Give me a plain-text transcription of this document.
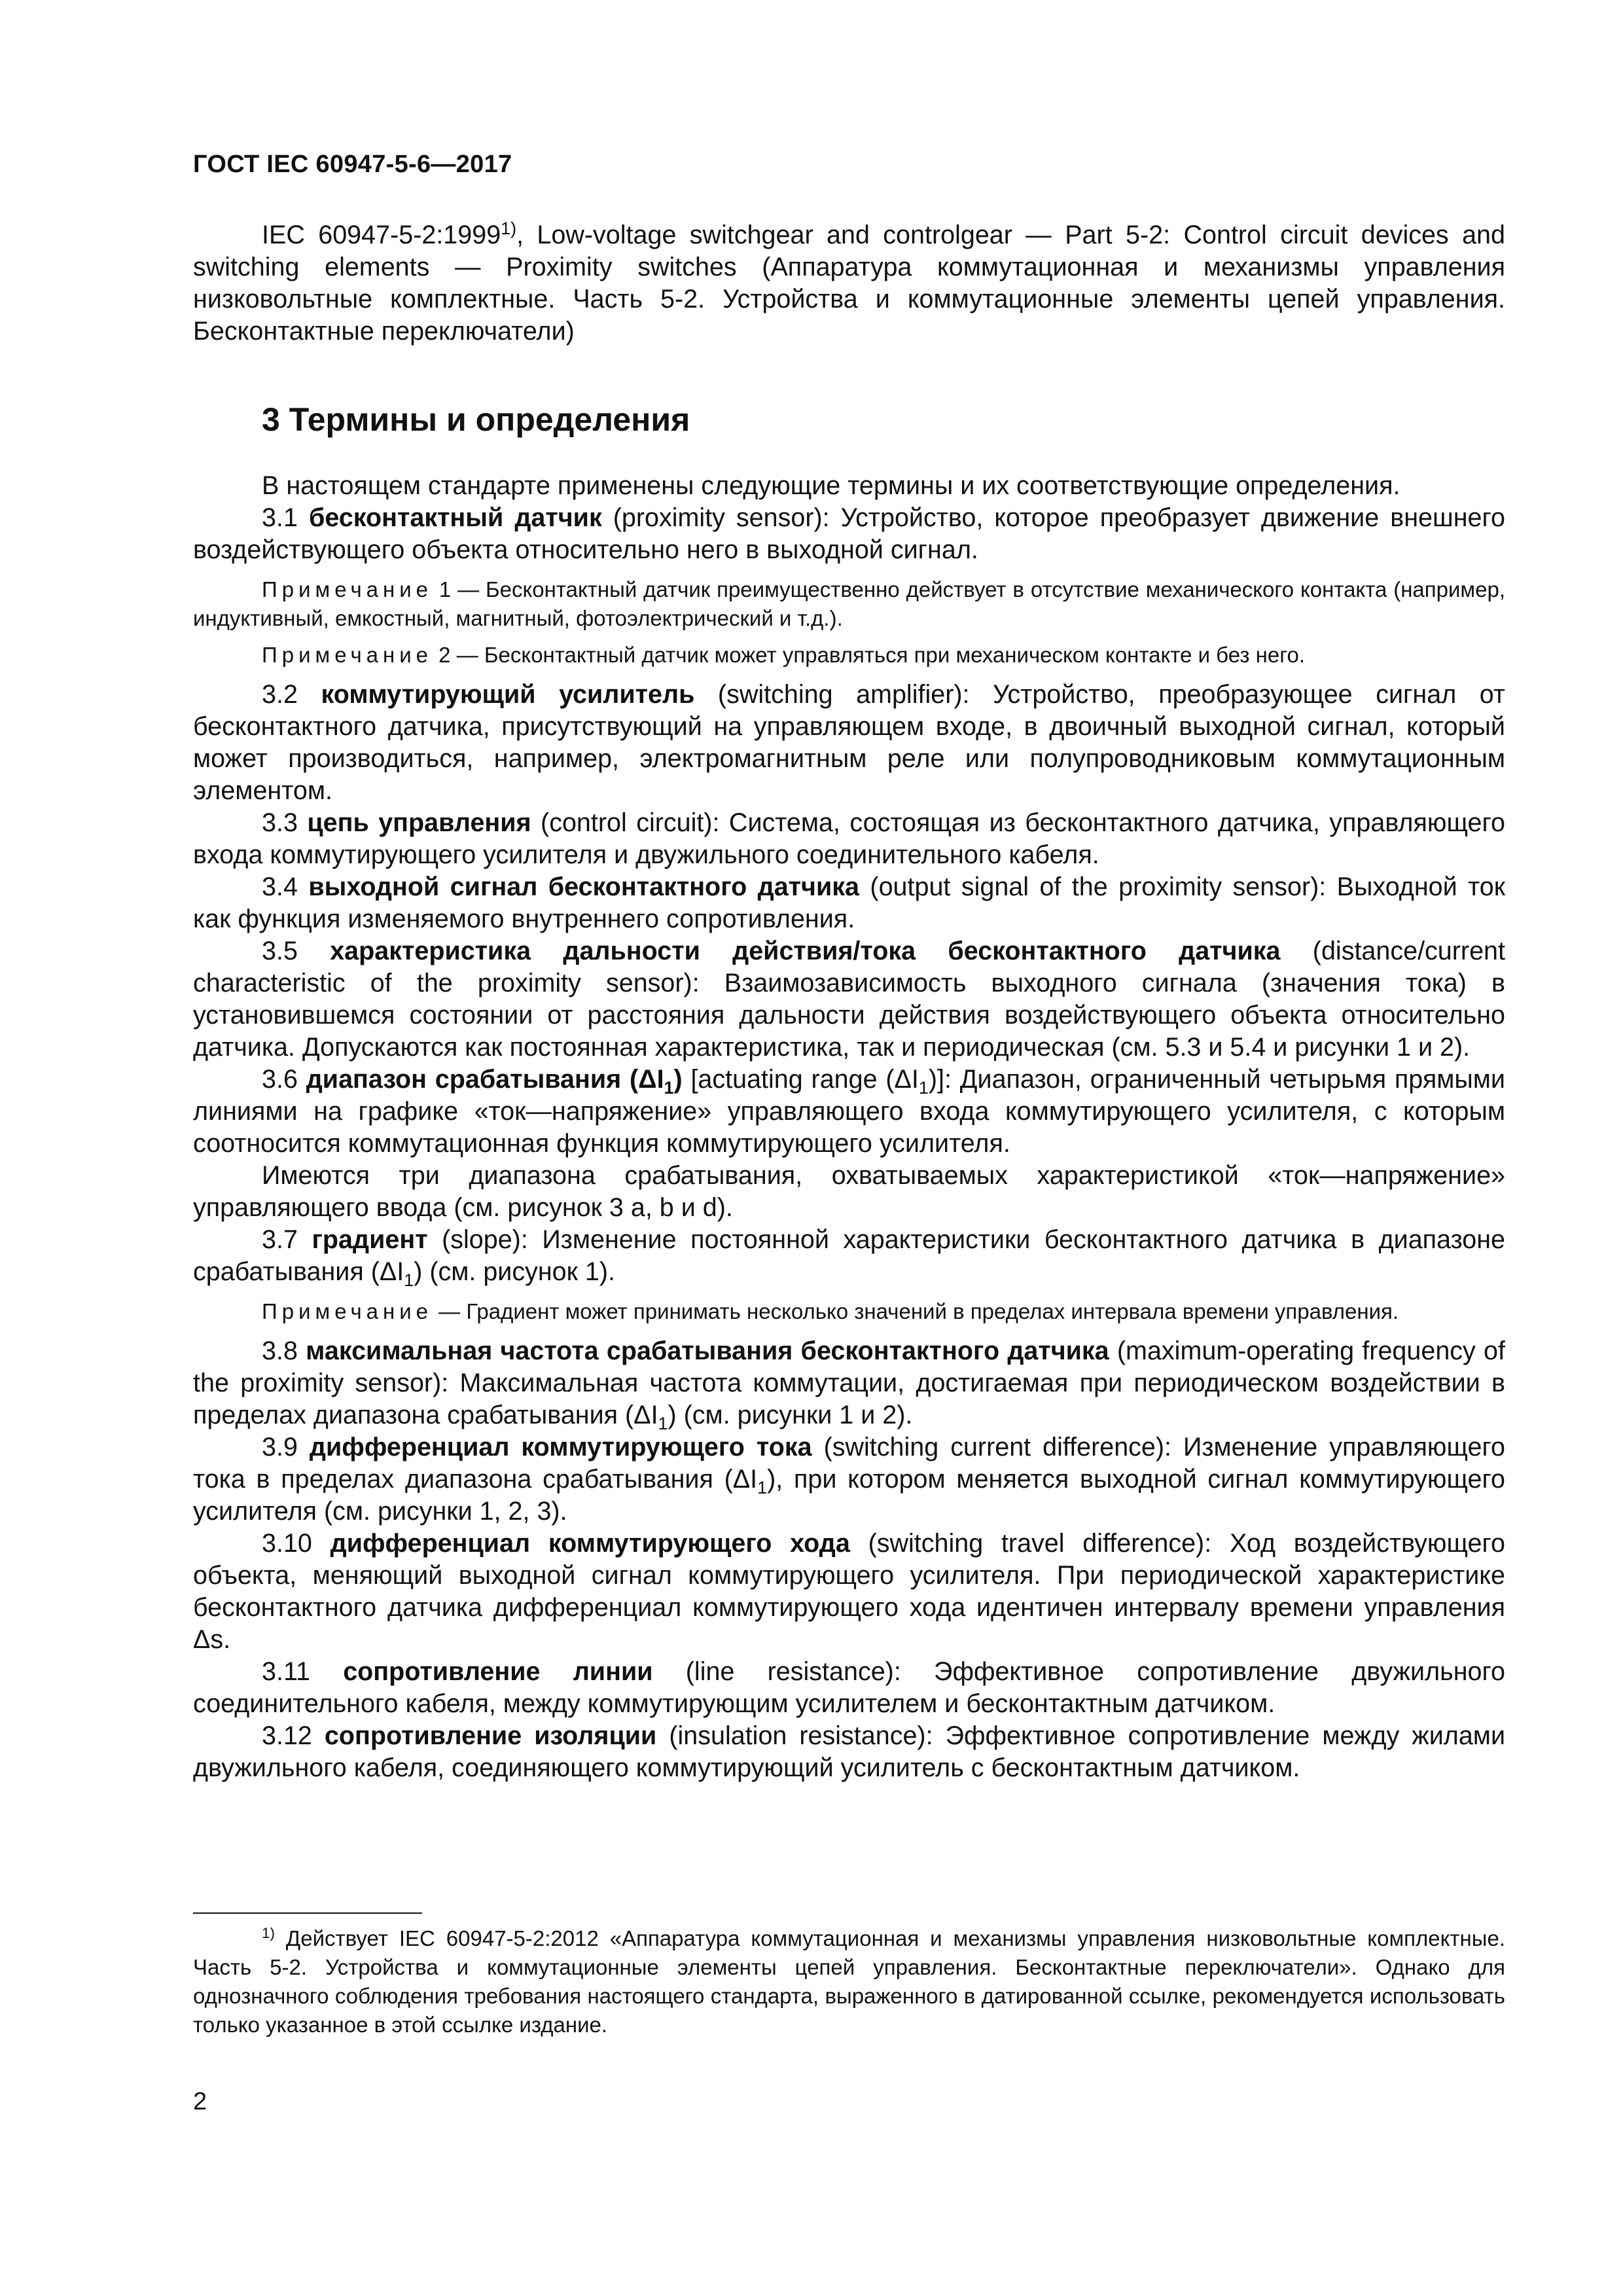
ГОСТ IEC 60947-5-6—2017

IEC 60947-5-2:1999$^{1)}$, Low-voltage switchgear and controlgear — Part 5-2: Control circuit devices and switching elements — Proximity switches (Аппаратура коммутационная и механизмы управления низковольтные комплектные. Часть 5-2. Устройства и коммутационные элементы цепей управления. Бесконтактные переключатели)

3 Термины и определения

В настоящем стандарте применены следующие термины и их соответствующие определения.

3.1 бесконтактный датчик (proximity sensor): Устройство, которое преобразует движение внешнего воздействующего объекта относительно него в выходной сигнал.

Примечание 1 — Бесконтактный датчик преимущественно действует в отсутствие механического контакта (например, индуктивный, емкостный, магнитный, фотоэлектрический и т.д.).

Примечание 2 — Бесконтактный датчик может управляться при механическом контакте и без него.

3.2 коммутирующий усилитель (switching amplifier): Устройство, преобразующее сигнал от бесконтактного датчика, присутствующий на управляющем входе, в двоичный выходной сигнал, который может производиться, например, электромагнитным реле или полупроводниковым коммутационным элементом.

3.3 цепь управления (control circuit): Система, состоящая из бесконтактного датчика, управляющего входа коммутирующего усилителя и двужильного соединительного кабеля.

3.4 выходной сигнал бесконтактного датчика (output signal of the proximity sensor): Выходной ток как функция изменяемого внутреннего сопротивления.

3.5 характеристика дальности действия/тока бесконтактного датчика (distance/current characteristic of the proximity sensor): Взаимозависимость выходного сигнала (значения тока) в установившемся состоянии от расстояния дальности действия воздействующего объекта относительно датчика. Допускаются как постоянная характеристика, так и периодическая (см. 5.3 и 5.4 и рисунки 1 и 2).

3.6 диапазон срабатывания $(\Delta I_1)$ [actuating range $(\Delta I_1)$]: Диапазон, ограниченный четырьмя прямыми линиями на графике «ток—напряжение» управляющего входа коммутирующего усилителя, с которым соотносится коммутационная функция коммутирующего усилителя.

Имеются три диапазона срабатывания, охватываемых характеристикой «ток—напряжение» управляющего ввода (см. рисунок 3 a, b и d).

3.7 градиент (slope): Изменение постоянной характеристики бесконтактного датчика в диапазоне срабатывания $(\Delta I_1)$ (см. рисунок 1).

Примечание — Градиент может принимать несколько значений в пределах интервала времени управления.

3.8 максимальная частота срабатывания бесконтактного датчика (maximum-operating frequency of the proximity sensor): Максимальная частота коммутации, достигаемая при периодическом воздействии в пределах диапазона срабатывания $(\Delta I_1)$ (см. рисунки 1 и 2).

3.9 дифференциал коммутирующего тока (switching current difference): Изменение управляющего тока в пределах диапазона срабатывания $(\Delta I_1)$, при котором меняется выходной сигнал коммутирующего усилителя (см. рисунки 1, 2, 3).

3.10 дифференциал коммутирующего хода (switching travel difference): Ход воздействующего объекта, меняющий выходной сигнал коммутирующего усилителя. При периодической характеристике бесконтактного датчика дифференциал коммутирующего хода идентичен интервалу времени управления Δs.

3.11 сопротивление линии (line resistance): Эффективное сопротивление двужильного соединительного кабеля, между коммутирующим усилителем и бесконтактным датчиком.

3.12 сопротивление изоляции (insulation resistance): Эффективное сопротивление между жилами двужильного кабеля, соединяющего коммутирующий усилитель с бесконтактным датчиком.

$^{1)}$ Действует IEC 60947-5-2:2012 «Аппаратура коммутационная и механизмы управления низковольтные комплектные. Часть 5-2. Устройства и коммутационные элементы цепей управления. Бесконтактные переключатели». Однако для однозначного соблюдения требования настоящего стандарта, выраженного в датированной ссылке, рекомендуется использовать только указанное в этой ссылке издание.

2
